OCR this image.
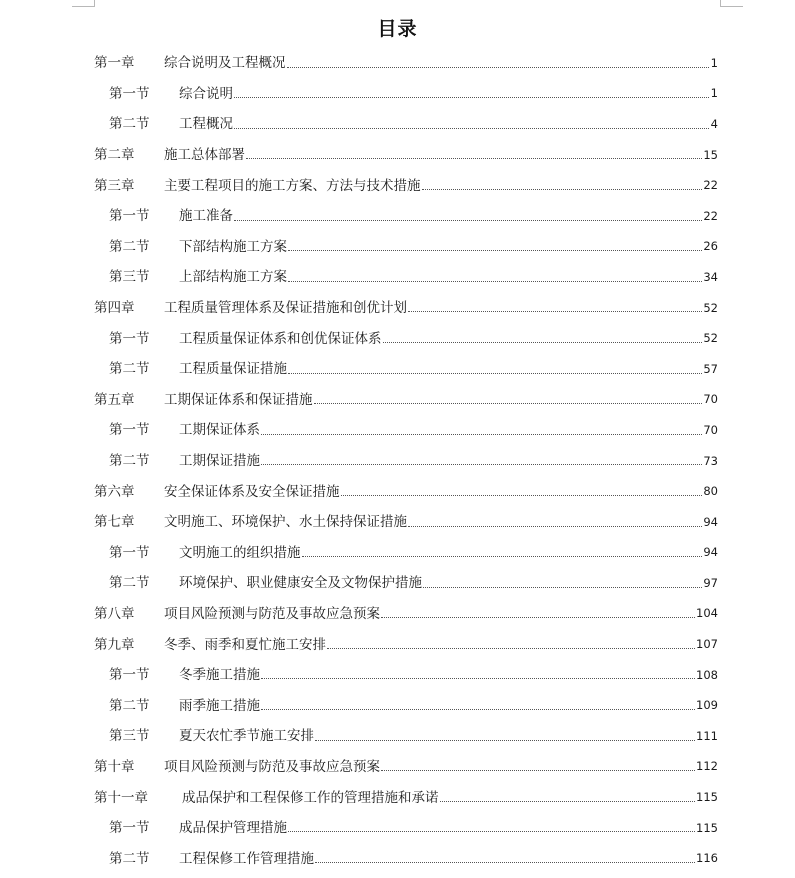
目录
第一章	综合说明及工程概况	1
第一节	综合说明	1
第二节	工程概况	4
第二章	施工总体部署	15
第三章	主要工程项目的施工方案、方法与技术措施	22
第一节	施工准备	22
第二节	下部结构施工方案	26
第三节	上部结构施工方案	34
第四章	工程质量管理体系及保证措施和创优计划	52
第一节	工程质量保证体系和创优保证体系	52
第二节	工程质量保证措施	57
第五章	工期保证体系和保证措施	70
第一节	工期保证体系	70
第二节	工期保证措施	73
第六章	安全保证体系及安全保证措施	80
第七章	文明施工、环境保护、水土保持保证措施	94
第一节	文明施工的组织措施	94
第二节	环境保护、职业健康安全及文物保护措施	97
第八章	项目风险预测与防范及事故应急预案	104
第九章	冬季、雨季和夏忙施工安排	107
第一节	冬季施工措施	108
第二节	雨季施工措施	109
第三节	夏天农忙季节施工安排	111
第十章	项目风险预测与防范及事故应急预案	112
第十一章	成品保护和工程保修工作的管理措施和承诺	115
第一节	成品保护管理措施	115
第二节	工程保修工作管理措施	116
